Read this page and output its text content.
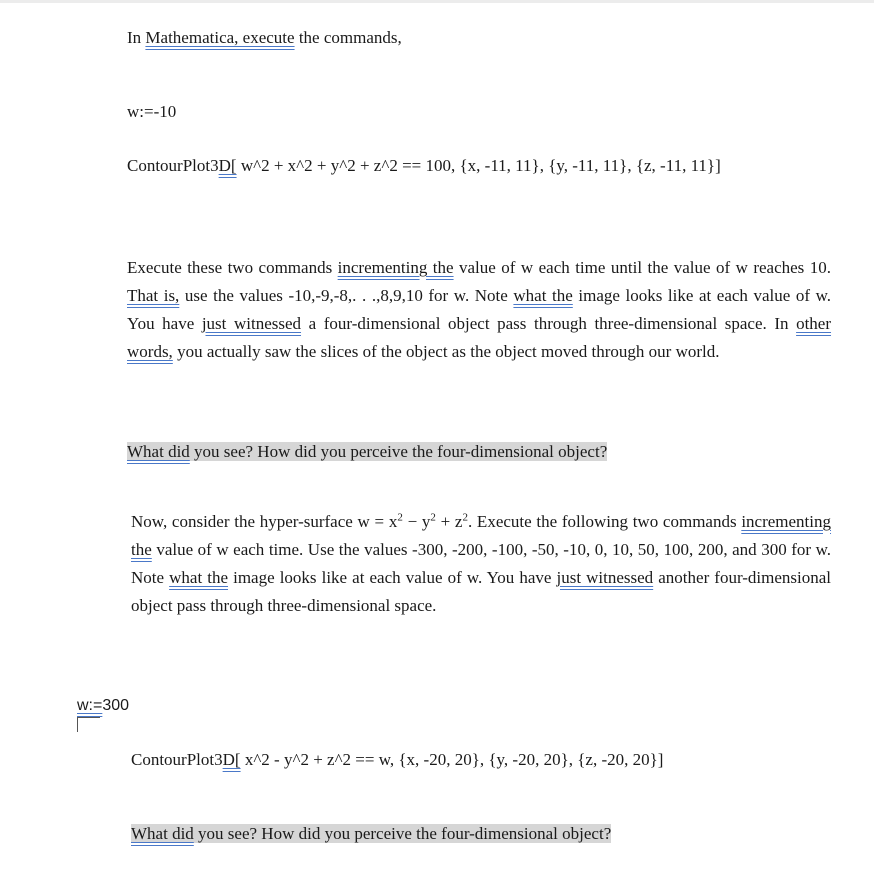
In Mathematica, execute the commands,

w:=-10

ContourPlot3D[ w^2 + x^2 + y^2 + z^2 == 100, {x, -11, 11}, {y, -11, 11}, {z, -11, 11}]

Execute these two commands incrementing the value of w each time until the value of w reaches 10. That is, use the values -10,-9,-8,. . .,8,9,10 for w. Note what the image looks like at each value of w. You have just witnessed a four-dimensional object pass through three-dimensional space. In other words, you actually saw the slices of the object as the object moved through our world.

What did you see? How did you perceive the four-dimensional object?

Now, consider the hyper-surface $w = x^2 - y^2 + z^2$. Execute the following two commands incrementing the value of w each time. Use the values -300, -200, -100, -50, -10, 0, 10, 50, 100, 200, and 300 for w. Note what the image looks like at each value of w. You have just witnessed another four-dimensional object pass through three-dimensional space.

w:=300

ContourPlot3D[ x^2 - y^2 + z^2 == w, {x, -20, 20}, {y, -20, 20}, {z, -20, 20}]

What did you see? How did you perceive the four-dimensional object?
